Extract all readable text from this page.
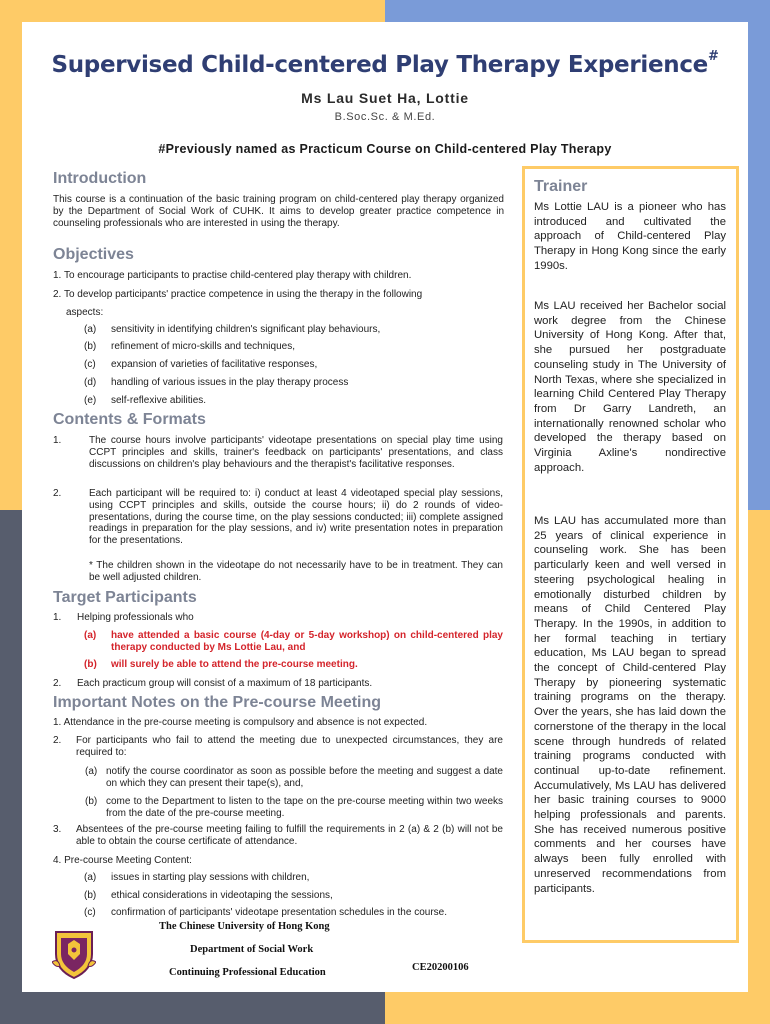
Supervised Child-centered Play Therapy Experience#
Ms Lau Suet Ha, Lottie
B.Soc.Sc. & M.Ed.
#Previously named as Practicum Course on Child-centered Play Therapy
Introduction
This course is a continuation of the basic training program on child-centered play therapy organized by the Department of Social Work of CUHK. It aims to develop greater practice competence in counseling professionals who are interested in using the therapy.
Objectives
1. To encourage participants to practise child-centered play therapy with children.
2. To develop participants' practice competence in using the therapy in the following
aspects:
(a) sensitivity in identifying children's significant play behaviours,
(b) refinement of micro-skills and techniques,
(c) expansion of varieties of facilitative responses,
(d) handling of various issues in the play therapy process
(e) self-reflexive abilities.
Contents & Formats
1.	The course hours involve participants' videotape presentations on special play time using CCPT principles and skills, trainer's feedback on participants' presentations, and class discussions on children's play behaviours and the therapist's facilitative responses.
2.	Each participant will be required to: i) conduct at least 4 videotaped special play sessions, using CCPT principles and skills, outside the course hours; ii) do 2 rounds of video-presentations, during the course time, on the play sessions conducted; iii) complete assigned readings in preparation for the play sessions, and iv) write presentation notes in preparation for the presentations.
* The children shown in the videotape do not necessarily have to be in treatment. They can be well adjusted children.
Target Participants
1. Helping professionals who
(a) have attended a basic course (4-day or 5-day workshop) on child-centered play therapy conducted by Ms Lottie Lau, and
(b) will surely be able to attend the pre-course meeting.
2. Each practicum group will consist of a maximum of 18 participants.
Important Notes on the Pre-course Meeting
1. Attendance in the pre-course meeting is compulsory and absence is not expected.
2. For participants who fail to attend the meeting due to unexpected circumstances, they are required to:
(a) notify the course coordinator as soon as possible before the meeting and suggest a date on which they can present their tape(s), and,
(b) come to the Department to listen to the tape on the pre-course meeting within two weeks from the date of the pre-course meeting.
3. Absentees of the pre-course meeting failing to fulfill the requirements in 2 (a) & 2 (b) will not be able to obtain the course certificate of attendance.
4. Pre-course Meeting Content:
(a) issues in starting play sessions with children,
(b) ethical considerations in videotaping the sessions,
(c) confirmation of participants' videotape presentation schedules in the course.
Trainer
Ms Lottie LAU is a pioneer who has introduced and cultivated the approach of Child-centered Play Therapy in Hong Kong since the early 1990s.
Ms LAU received her Bachelor social work degree from the Chinese University of Hong Kong. After that, she pursued her postgraduate counseling study in The University of North Texas, where she specialized in learning Child Centered Play Therapy from Dr Garry Landreth, an internationally renowned scholar who developed the therapy based on Virginia Axline's nondirective approach.
Ms LAU has accumulated more than 25 years of clinical experience in counseling work. She has been particularly keen and well versed in steering psychological healing in emotionally disturbed children by means of Child Centered Play Therapy. In the 1990s, in addition to her formal teaching in tertiary education, Ms LAU began to spread the concept of Child-centered Play Therapy by pioneering systematic training programs on the therapy. Over the years, she has laid down the cornerstone of the therapy in the local scene through hundreds of related training programs conducted with continual up-to-date refinement. Accumulatively, Ms LAU has delivered her basic training courses to 9000 helping professionals and parents. She has received numerous positive comments and her courses have always been fully enrolled with unreserved recommendations from participants.
The Chinese University of Hong Kong
Department of Social Work
Continuing Professional Education	CE20200106
